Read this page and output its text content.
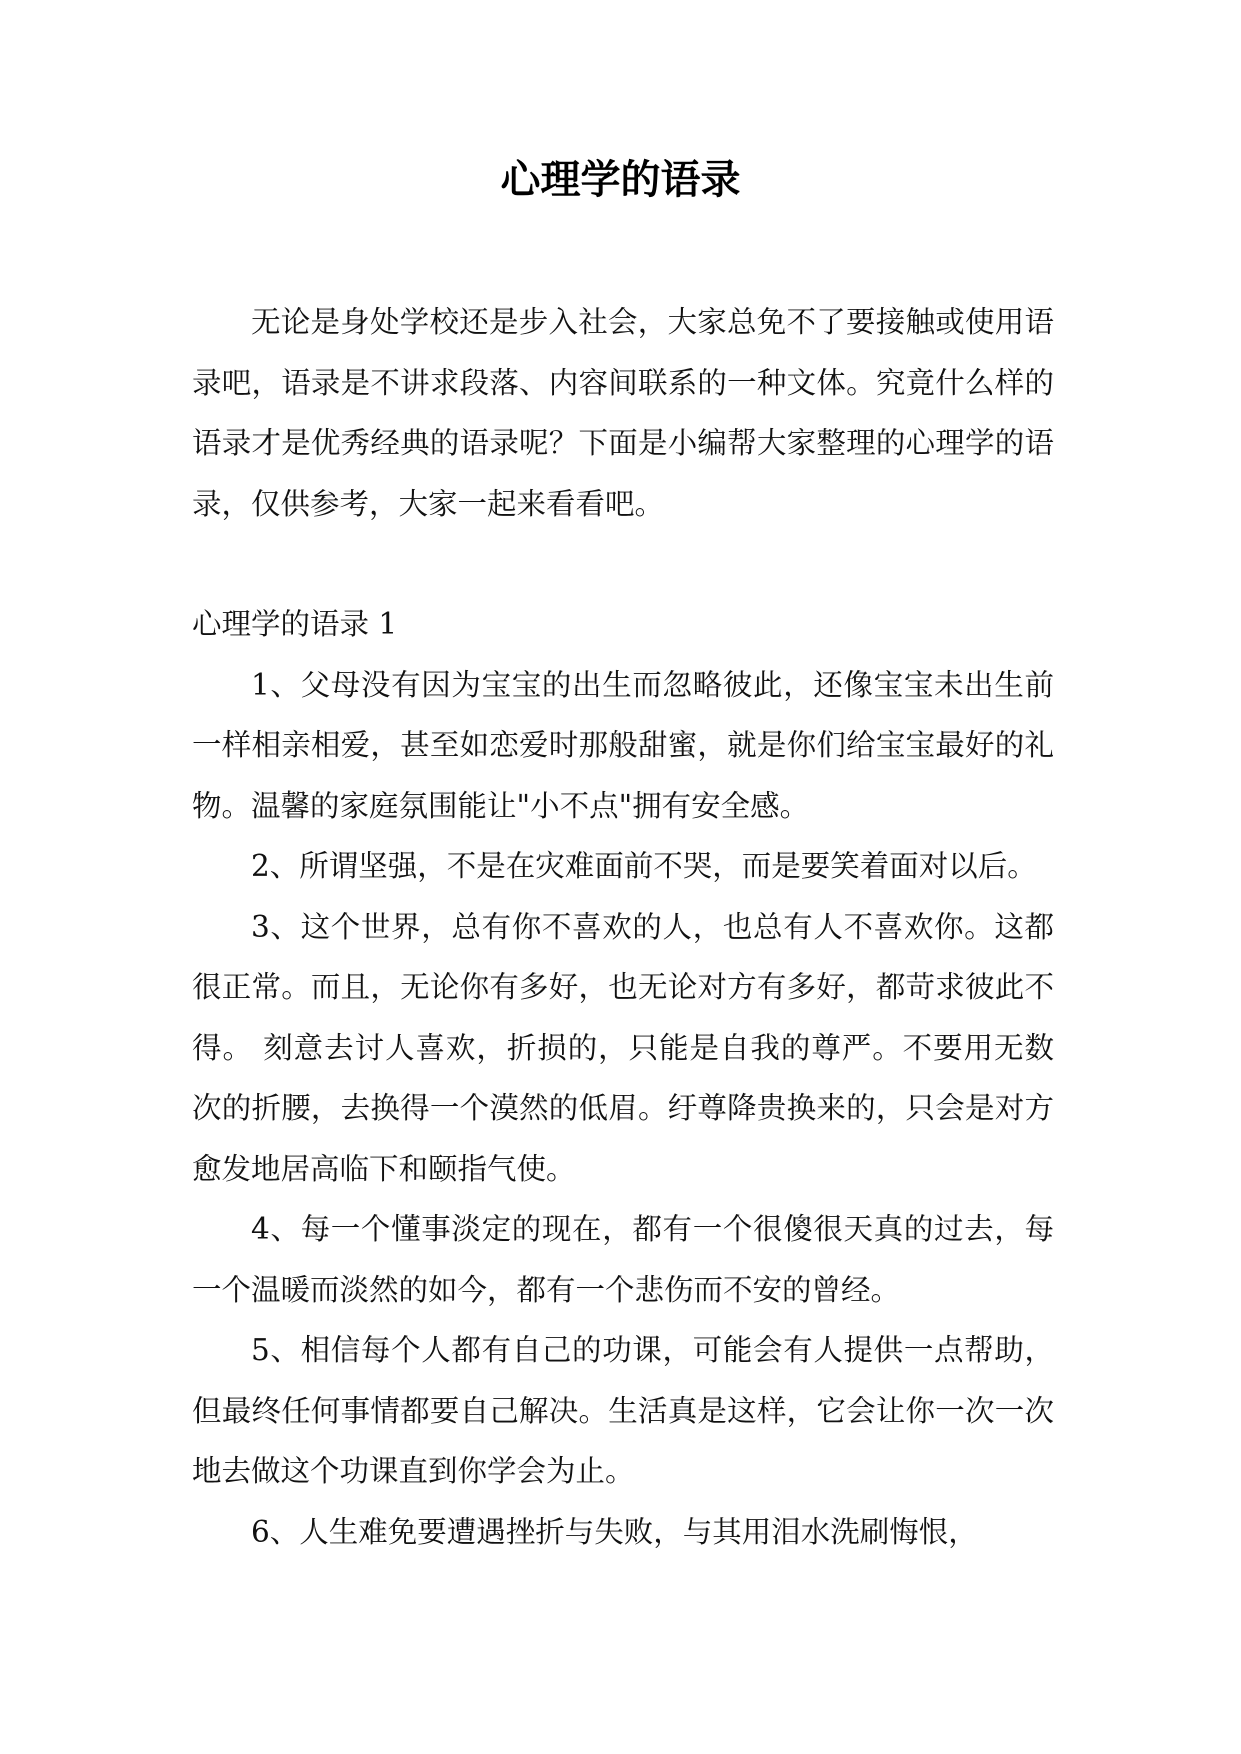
心理学的语录

无论是身处学校还是步入社会，大家总免不了要接触或使用语录吧，语录是不讲求段落、内容间联系的一种文体。究竟什么样的语录才是优秀经典的语录呢？下面是小编帮大家整理的心理学的语录，仅供参考，大家一起来看看吧。

心理学的语录 1

1、父母没有因为宝宝的出生而忽略彼此，还像宝宝未出生前一样相亲相爱，甚至如恋爱时那般甜蜜，就是你们给宝宝最好的礼物。温馨的家庭氛围能让"小不点"拥有安全感。

2、所谓坚强，不是在灾难面前不哭，而是要笑着面对以后。

3、这个世界，总有你不喜欢的人，也总有人不喜欢你。这都很正常。而且，无论你有多好，也无论对方有多好，都苛求彼此不得。 刻意去讨人喜欢，折损的，只能是自我的尊严。不要用无数次的折腰，去换得一个漠然的低眉。纡尊降贵换来的，只会是对方愈发地居高临下和颐指气使。

4、每一个懂事淡定的现在，都有一个很傻很天真的过去，每一个温暖而淡然的如今，都有一个悲伤而不安的曾经。

5、相信每个人都有自己的功课，可能会有人提供一点帮助，但最终任何事情都要自己解决。生活真是这样，它会让你一次一次地去做这个功课直到你学会为止。

6、人生难免要遭遇挫折与失败，与其用泪水洗刷悔恨，
